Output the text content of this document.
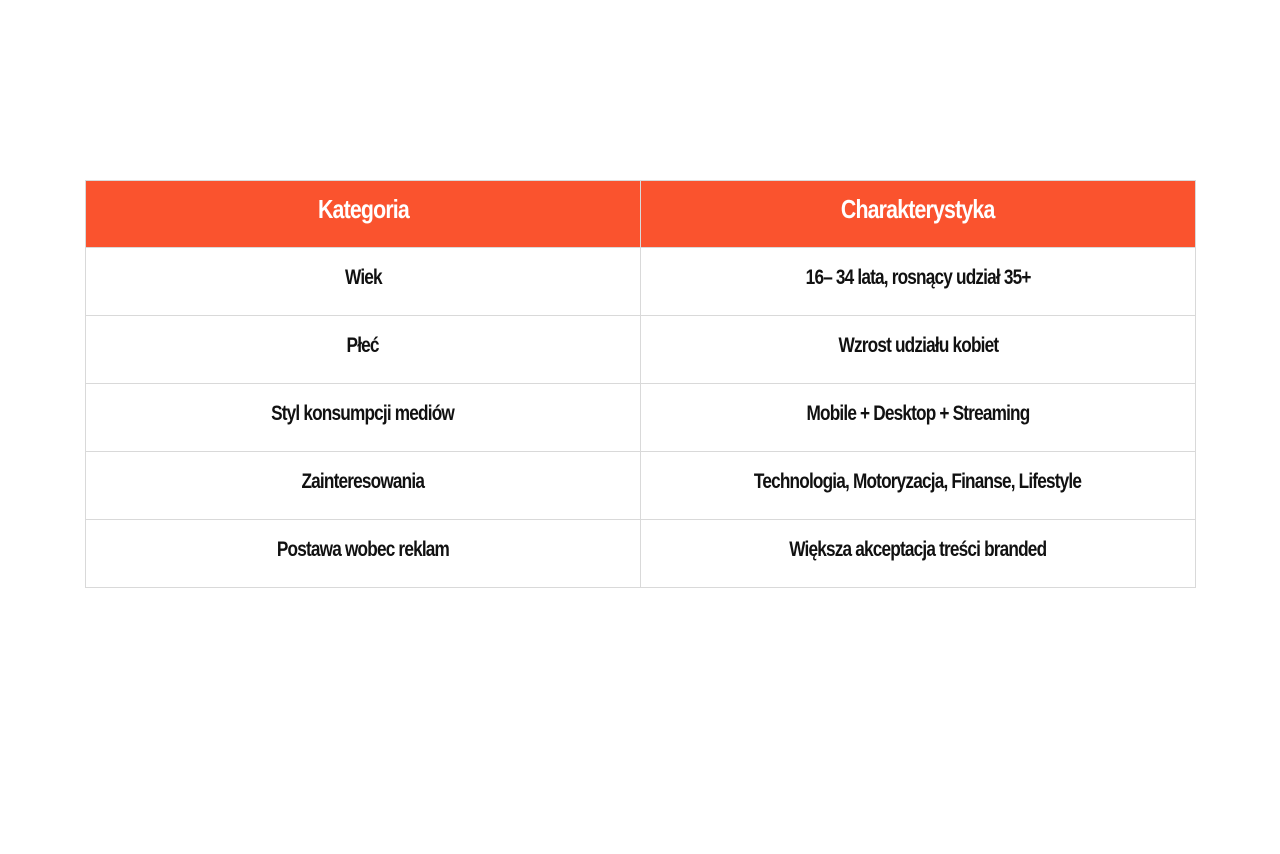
Kategoria	Charakterystyka
Wiek	16– 34 lata, rosnący udział 35+
Płeć	Wzrost udziału kobiet
Styl konsumpcji mediów	Mobile + Desktop + Streaming
Zainteresowania	Technologia, Motoryzacja, Finanse, Lifestyle
Postawa wobec reklam	Większa akceptacja treści branded
